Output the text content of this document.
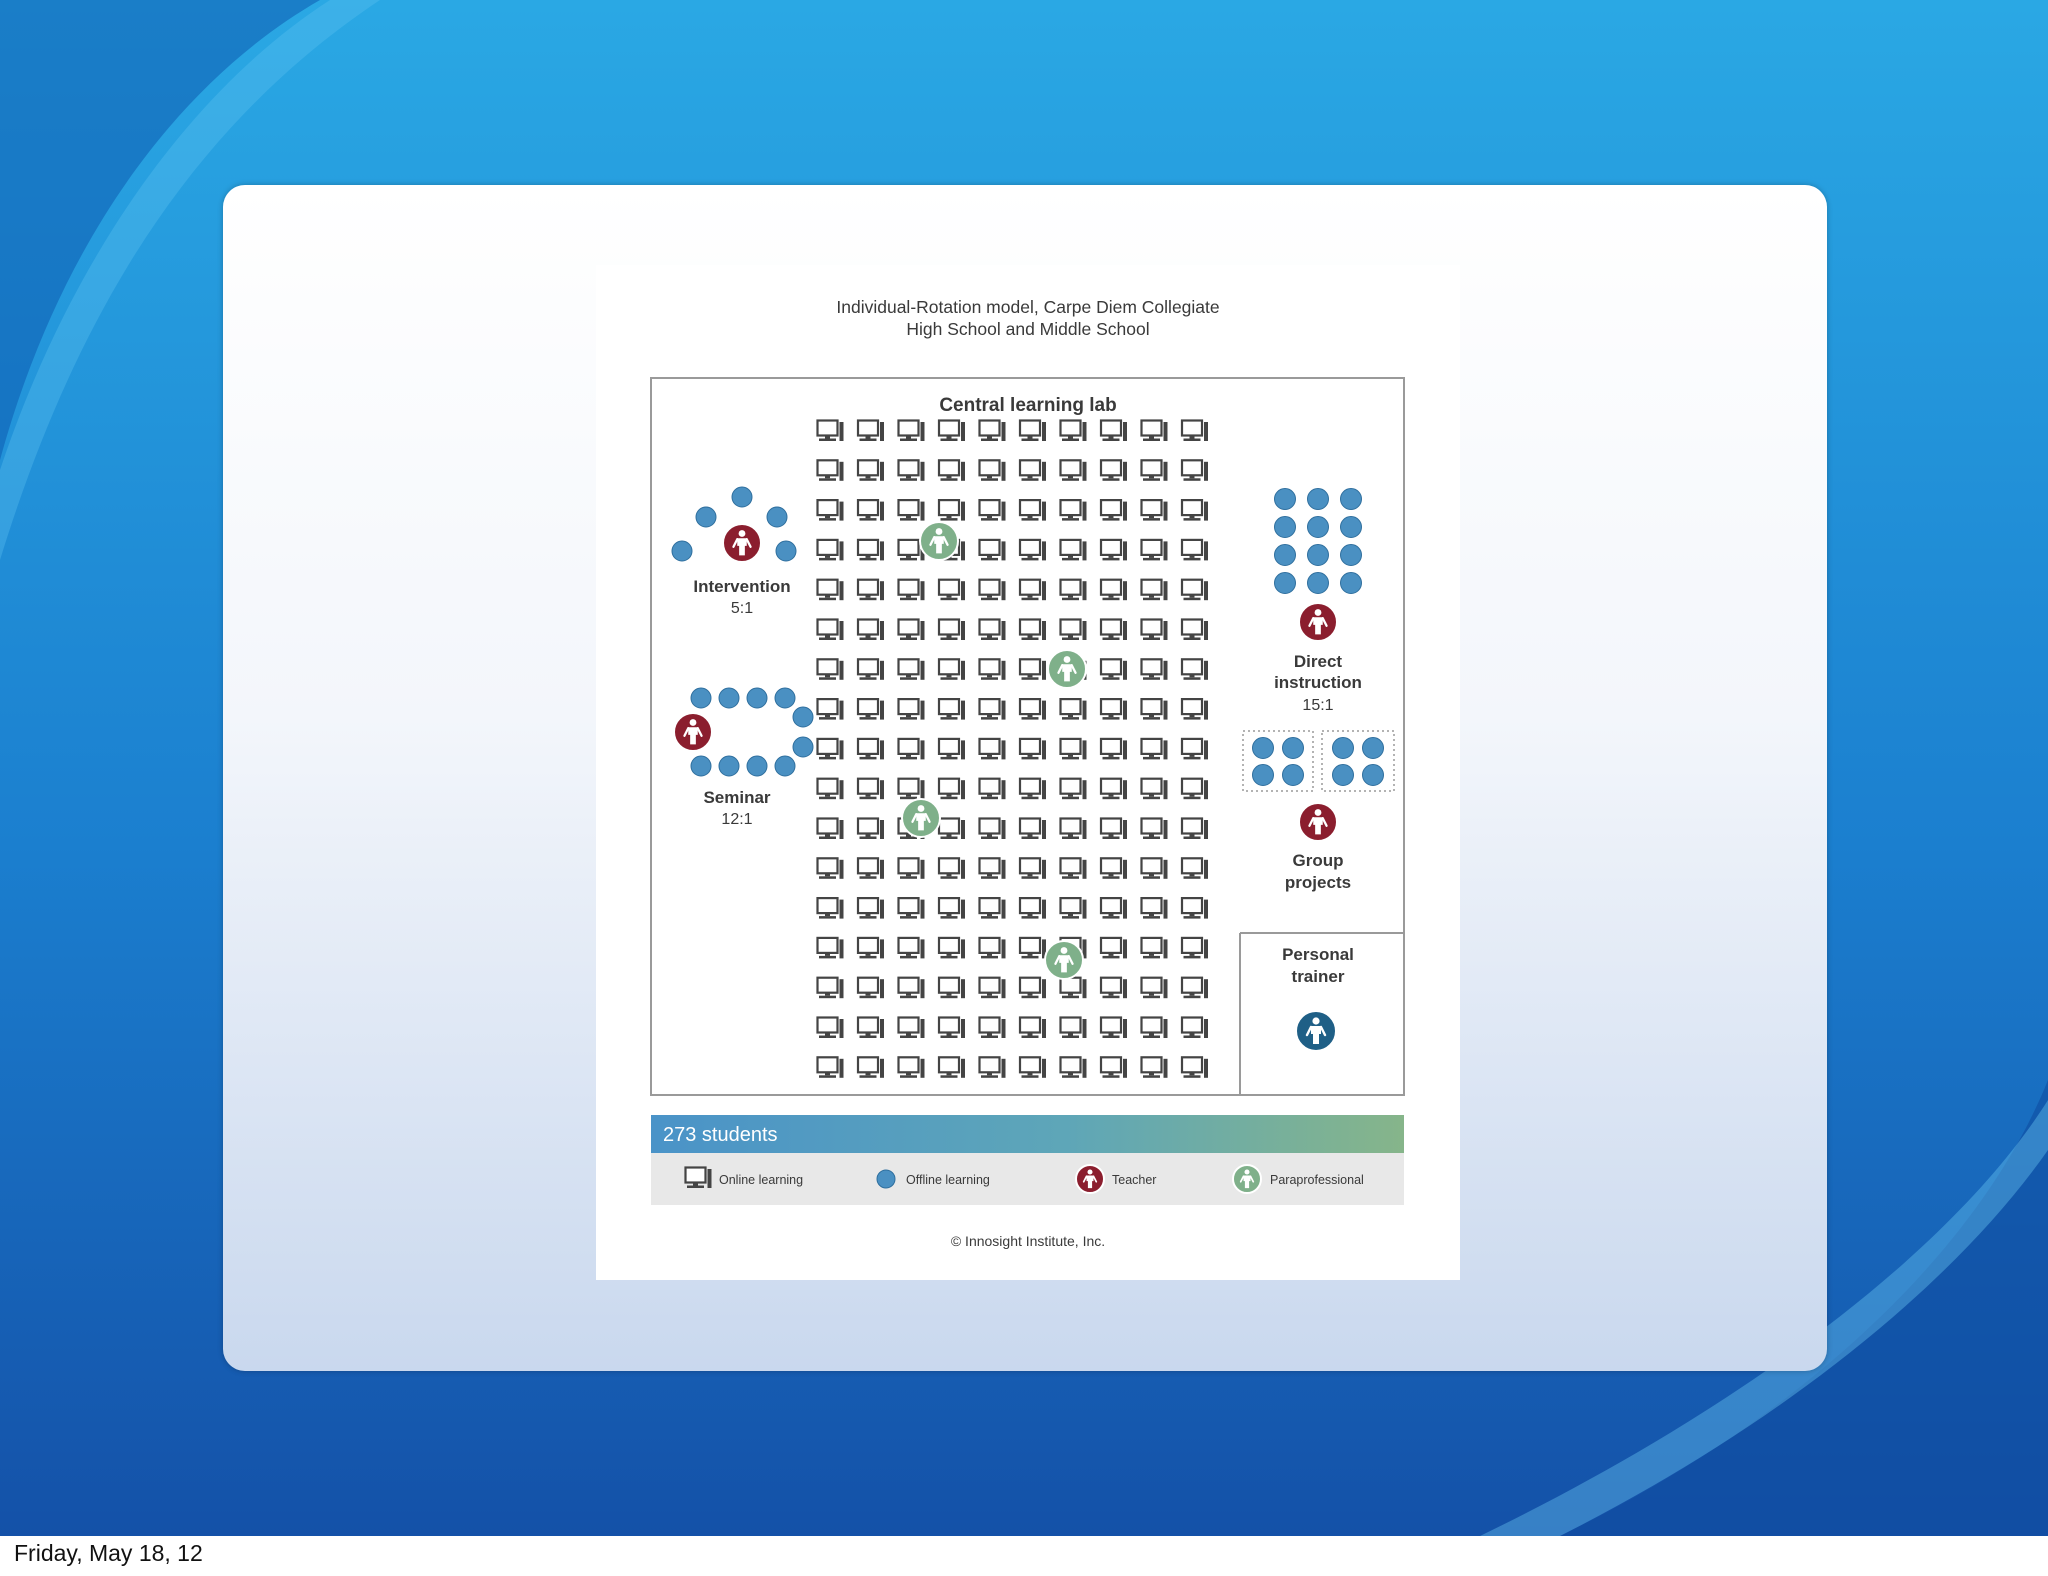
Individual-Rotation model, Carpe Diem Collegiate
High School and Middle School
Central learning lab
Intervention
5:1
Seminar
12:1
Direct
instruction
15:1
Group
projects
Personal
trainer
273 students
Online learning	Offline learning	Teacher	Paraprofessional
© Innosight Institute, Inc.
Friday, May 18, 12
